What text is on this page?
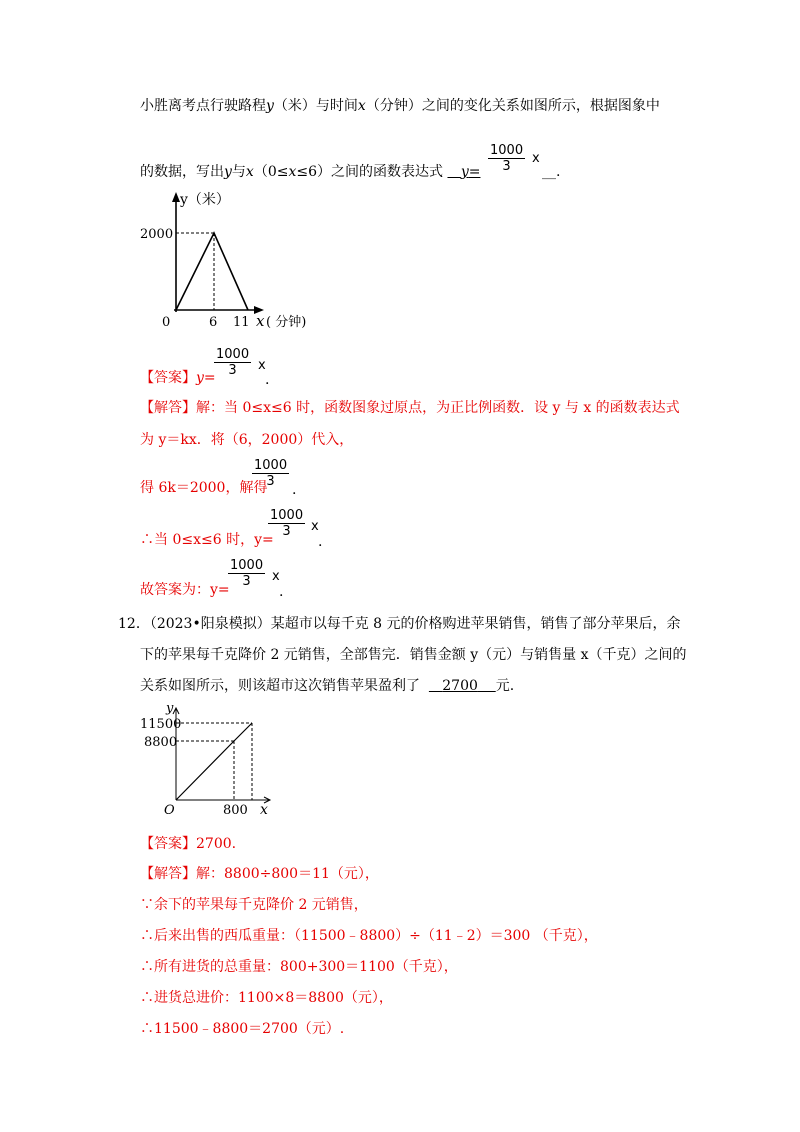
小胜离考点行驶路程y（米）与时间x（分钟）之间的变化关系如图所示，根据图象中
的数据，写出y与x（0≤x≤6）之间的函数表达式 y=
1000
3
x
__.
y（米）
2000
0	6 11 x ( 分钟)
【答案】y=
1000
3	x
.
【解答】解：当 0≤x≤6 时，函数图象过原点，为正比例函数．设 y 与 x 的函数表达式
为 y＝kx．将（6，2000）代入，
得 6k＝2000，解得
1000
3
.
∴当 0≤x≤6 时，y=
1000
3	x
.
故答案为：y=
1000
3	x
.
12．（2023•阳泉模拟）某超市以每千克 8 元的价格购进苹果销售，销售了部分苹果后，余
下的苹果每千克降价 2 元销售，全部售完．销售金额 y（元）与销售量 x（千克）之间的
关系如图所示，则该超市这次销售苹果盈利了 2700 元.
y
11500
8800
O	800 x
【答案】2700.
【解答】解：8800÷800＝11（元），
∵余下的苹果每千克降价 2 元销售，
∴后来出售的西瓜重量：（11500﹣8800）÷（11﹣2）＝300 （千克），
∴所有进货的总重量：800+300＝1100（千克），
∴进货总进价：1100×8＝8800（元），
∴11500﹣8800＝2700（元）.
